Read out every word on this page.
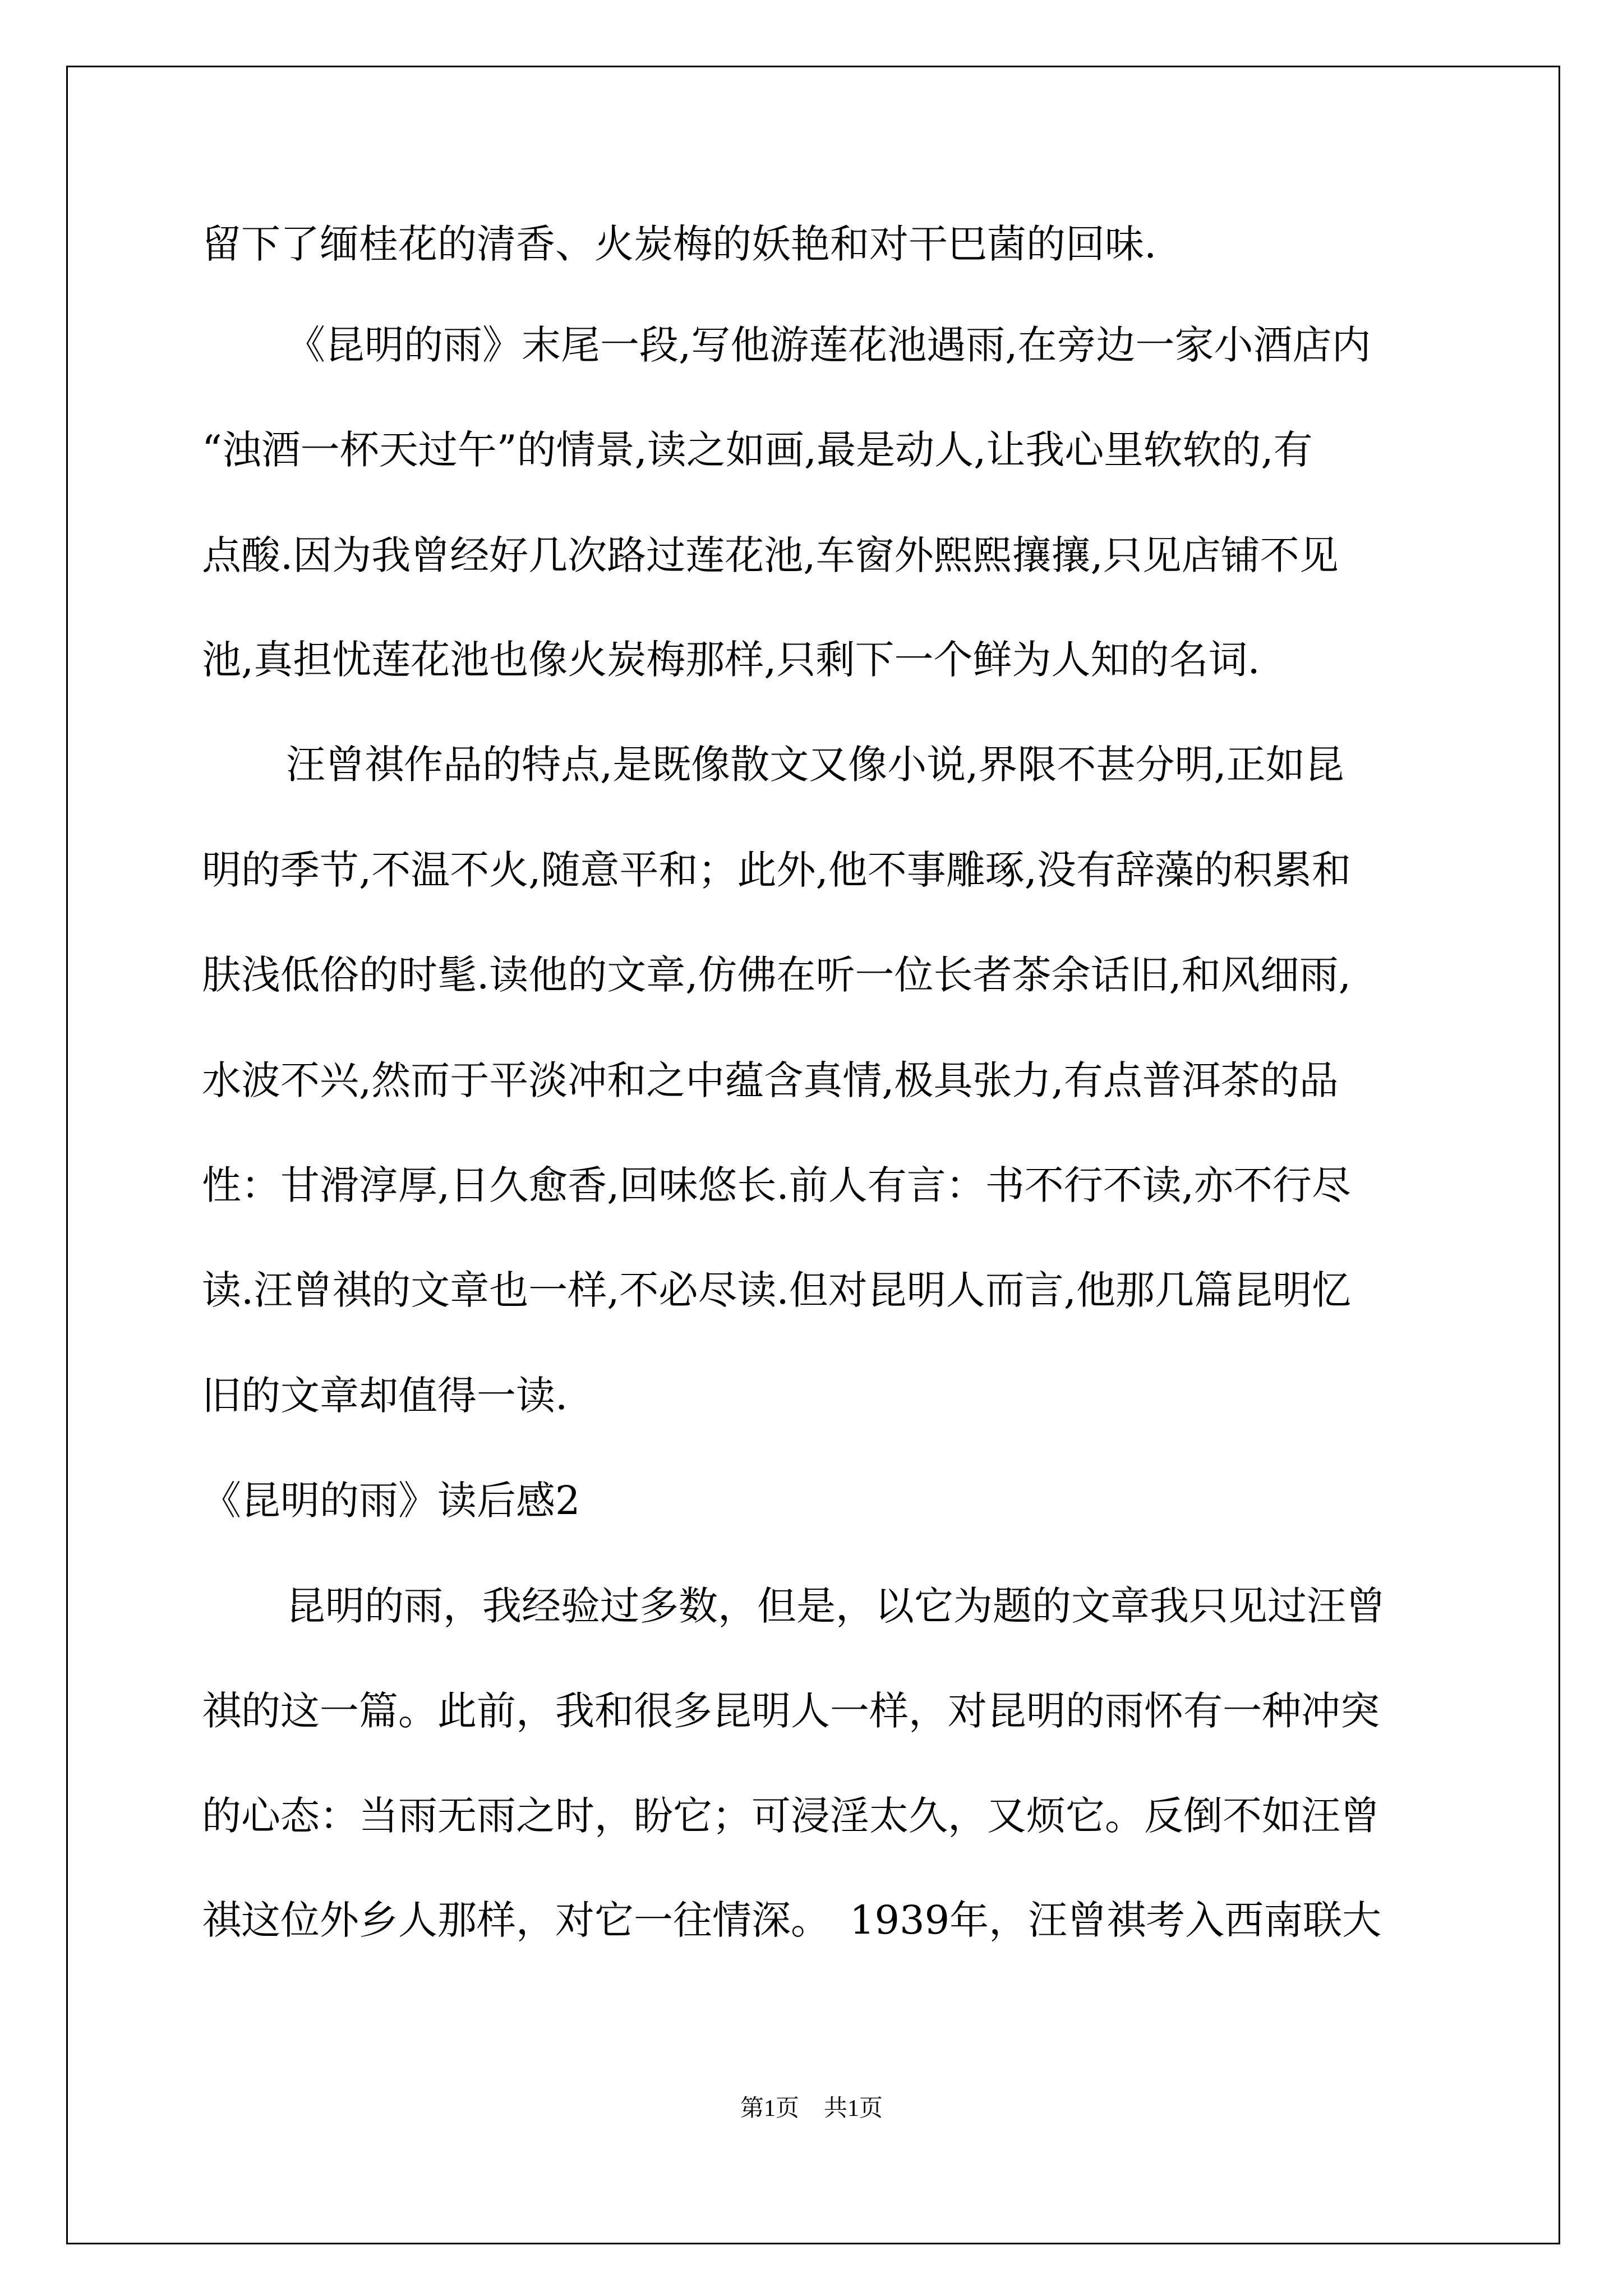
留下了缅桂花的清香、火炭梅的妖艳和对干巴菌的回味.
《昆明的雨》末尾一段,写他游莲花池遇雨,在旁边一家小酒店内
“浊酒一杯天过午”的情景,读之如画,最是动人,让我心里软软的,有
点酸.因为我曾经好几次路过莲花池,车窗外熙熙攘攘,只见店铺不见
池,真担忧莲花池也像火炭梅那样,只剩下一个鲜为人知的名词.
汪曾祺作品的特点,是既像散文又像小说,界限不甚分明,正如昆
明的季节,不温不火,随意平和；此外,他不事雕琢,没有辞藻的积累和
肤浅低俗的时髦.读他的文章,仿佛在听一位长者茶余话旧,和风细雨,
水波不兴,然而于平淡冲和之中蕴含真情,极具张力,有点普洱茶的品
性：甘滑淳厚,日久愈香,回味悠长.前人有言：书不行不读,亦不行尽
读.汪曾祺的文章也一样,不必尽读.但对昆明人而言,他那几篇昆明忆
旧的文章却值得一读.
《昆明的雨》读后感2
昆明的雨，我经验过多数，但是，以它为题的文章我只见过汪曾
祺的这一篇。此前，我和很多昆明人一样，对昆明的雨怀有一种冲突
的心态：当雨无雨之时，盼它；可浸淫太久，又烦它。反倒不如汪曾
祺这位外乡人那样，对它一往情深。　1939年，汪曾祺考入西南联大
第1页 共1页
